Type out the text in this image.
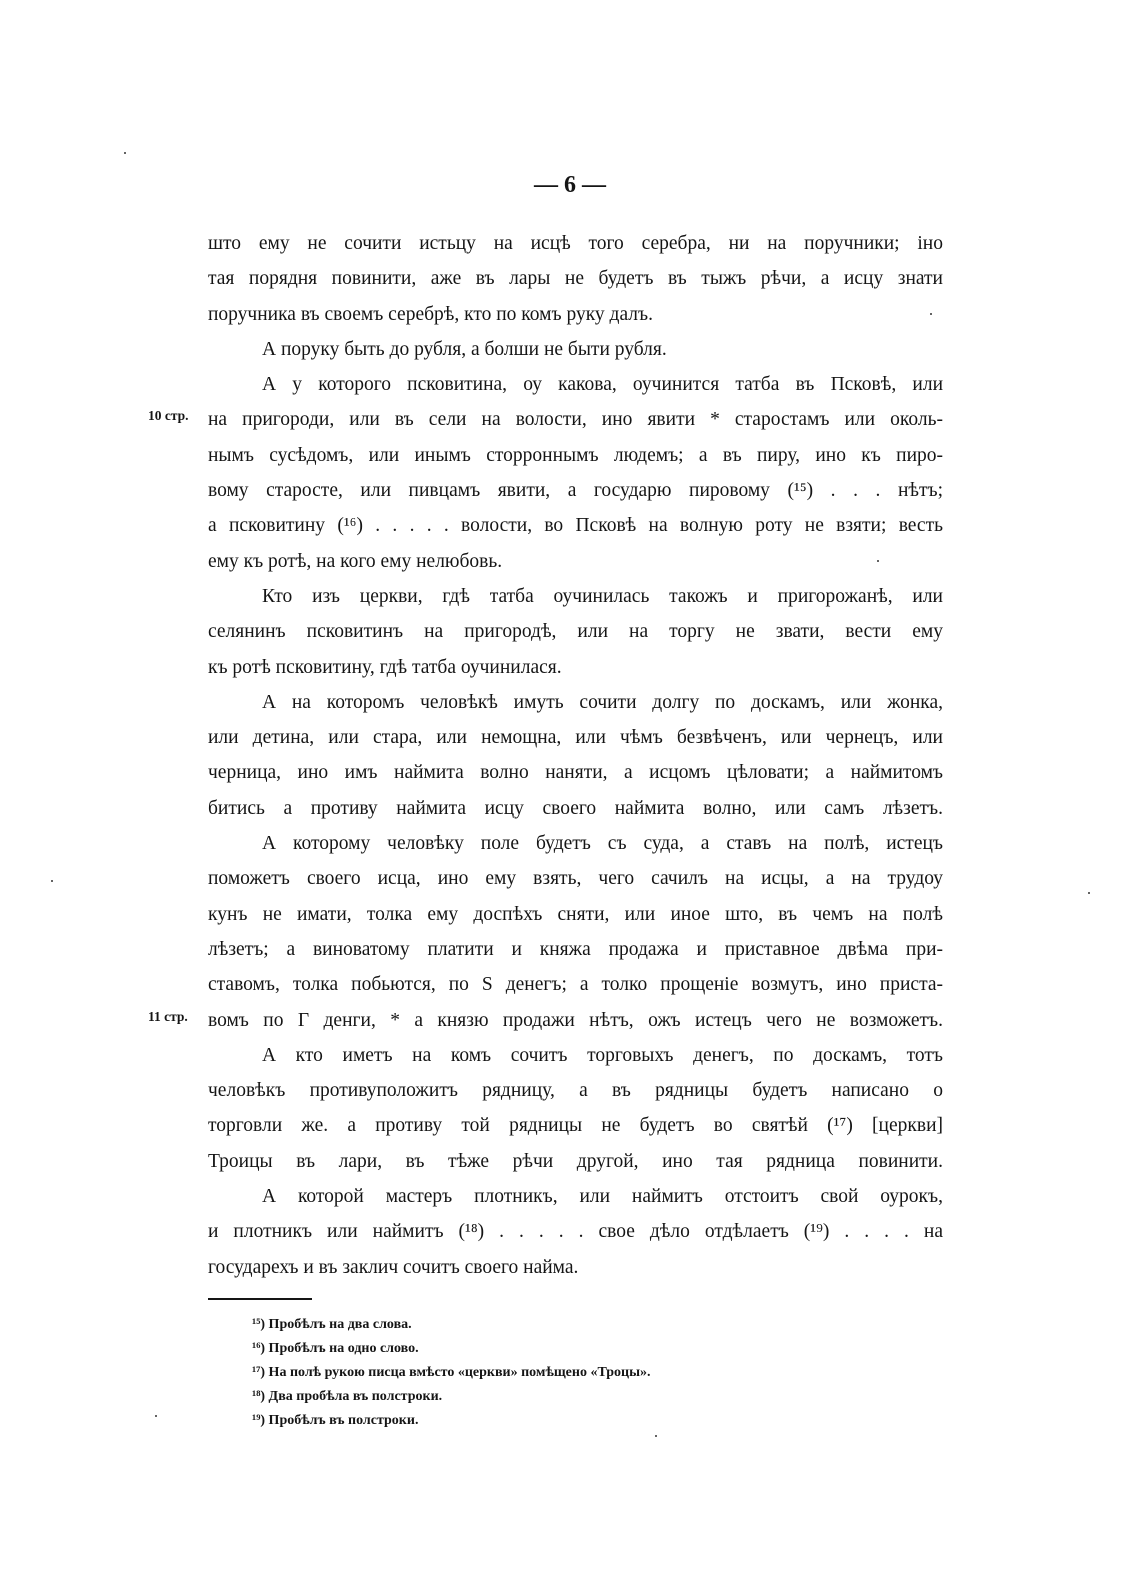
— 6 —
10 стр.
11 стр.
што ему не сочити истьцу на исцѣ того серебра, ни на поручники; іно
тая порядня повинити, аже въ лары не будетъ въ тыжъ рѣчи, а исцу знати
поручника въ своемъ серебрѣ, кто по комъ руку далъ.
А поруку быть до рубля, а болши не быти рубля.
А у которого псковитина, оу какова, оучинится татба въ Псковѣ, или
на пригороди, или въ сели на волости, ино явити * старостамъ или околь-
нымъ сусѣдомъ, или инымъ сторроннымъ людемъ; а въ пиру, ино къ пиро-
вому старосте, или пивцамъ явити, а государю пировому (¹⁵) . . . нѣтъ;
а псковитину (¹⁶) . . . . . волости, во Псковѣ на волную роту не взяти; весть
ему къ ротѣ, на кого ему нелюбовь.
Кто изъ церкви, гдѣ татба оучинилась такожъ и пригорожанѣ, или
селянинъ псковитинъ на пригородѣ, или на торгу не звати, вести ему
къ ротѣ псковитину, гдѣ татба оучинилася.
А на которомъ человѣкѣ имуть сочити долгу по доскамъ, или жонка,
или детина, или стара, или немощна, или чѣмъ безвѣченъ, или чернецъ, или
черница, ино имъ наймита волно наняти, а исцомъ цѣловати; а наймитомъ
битись а противу наймита исцу своего наймита волно, или самъ лѣзетъ.
А которому человѣку поле будетъ съ суда, а ставъ на полѣ, истецъ
поможетъ своего исца, ино ему взять, чего сачилъ на исцы, а на трудоу
кунъ не имати, толка ему доспѣхъ сняти, или иное што, въ чемъ на полѣ
лѣзетъ; а виноватому платити и княжа продажа и приставное двѣма при-
ставомъ, толка побьются, по Ѕ денегъ; а толко прощеніе возмутъ, ино приста-
вомъ по Г денги, * а князю продажи нѣтъ, ожъ истецъ чего не возможетъ.
А кто иметъ на комъ сочитъ торговыхъ денегъ, по доскамъ, тотъ
человѣкъ противуположитъ рядницу, а въ рядницы будетъ написано о
торговли же. а противу той рядницы не будетъ во святѣй (¹⁷) [церкви]
Троицы въ лари, въ тѣже рѣчи другой, ино тая рядница повинити.
А которой мастеръ плотникъ, или наймитъ отстоитъ свой оурокъ,
и плотникъ или наймитъ (¹⁸) . . . . . свое дѣло отдѣлаетъ (¹⁹) . . . . на
государехъ и въ заклич сочитъ своего найма.
¹⁵) Пробѣлъ на два слова.
¹⁶) Пробѣлъ на одно слово.
¹⁷) На полѣ рукою писца вмѣсто «церкви» помѣщено «Троцы».
¹⁸) Два пробѣла въ полстроки.
¹⁹) Пробѣлъ въ полстроки.
